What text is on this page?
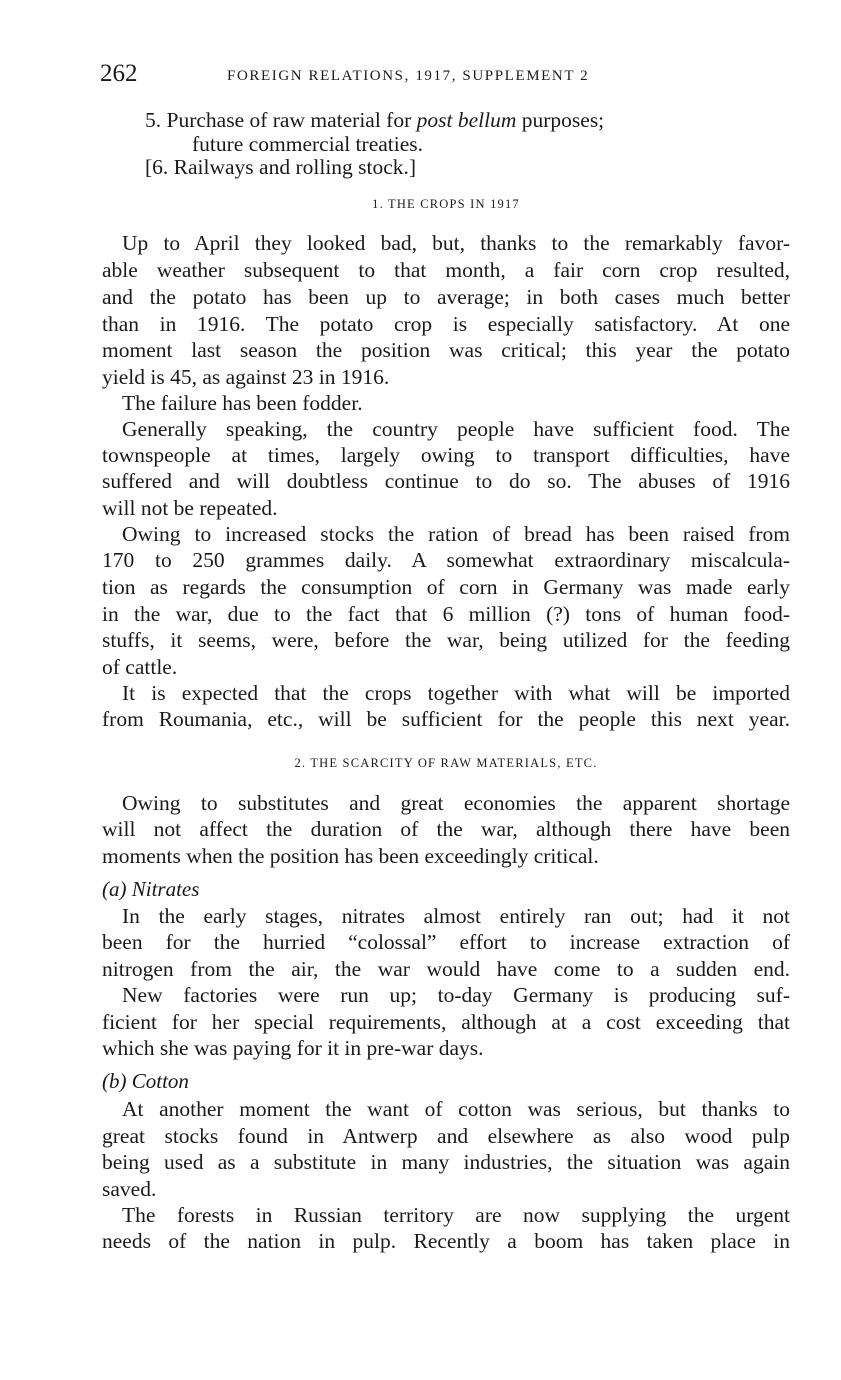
262	FOREIGN RELATIONS, 1917, SUPPLEMENT 2
5. Purchase of raw material for post bellum purposes;
future commercial treaties.
[6. Railways and rolling stock.]
1. THE CROPS IN 1917
Up to April they looked bad, but, thanks to the remarkably favor-
able weather subsequent to that month, a fair corn crop resulted,
and the potato has been up to average; in both cases much better
than in 1916. The potato crop is especially satisfactory. At one
moment last season the position was critical; this year the potato
yield is 45, as against 23 in 1916.
The failure has been fodder.
Generally speaking, the country people have sufficient food. The
townspeople at times, largely owing to transport difficulties, have
suffered and will doubtless continue to do so. The abuses of 1916
will not be repeated.
Owing to increased stocks the ration of bread has been raised from
170 to 250 grammes daily. A somewhat extraordinary miscalcula-
tion as regards the consumption of corn in Germany was made early
in the war, due to the fact that 6 million (?) tons of human food-
stuffs, it seems, were, before the war, being utilized for the feeding
of cattle.
It is expected that the crops together with what will be imported
from Roumania, etc., will be sufficient for the people this next year.
2. THE SCARCITY OF RAW MATERIALS, ETC.
Owing to substitutes and great economies the apparent shortage
will not affect the duration of the war, although there have been
moments when the position has been exceedingly critical.
(a) Nitrates
In the early stages, nitrates almost entirely ran out; had it not
been for the hurried “colossal” effort to increase extraction of
nitrogen from the air, the war would have come to a sudden end.
New factories were run up; to-day Germany is producing suf-
ficient for her special requirements, although at a cost exceeding that
which she was paying for it in pre-war days.
(b) Cotton
At another moment the want of cotton was serious, but thanks to
great stocks found in Antwerp and elsewhere as also wood pulp
being used as a substitute in many industries, the situation was again
saved.
The forests in Russian territory are now supplying the urgent
needs of the nation in pulp. Recently a boom has taken place in
